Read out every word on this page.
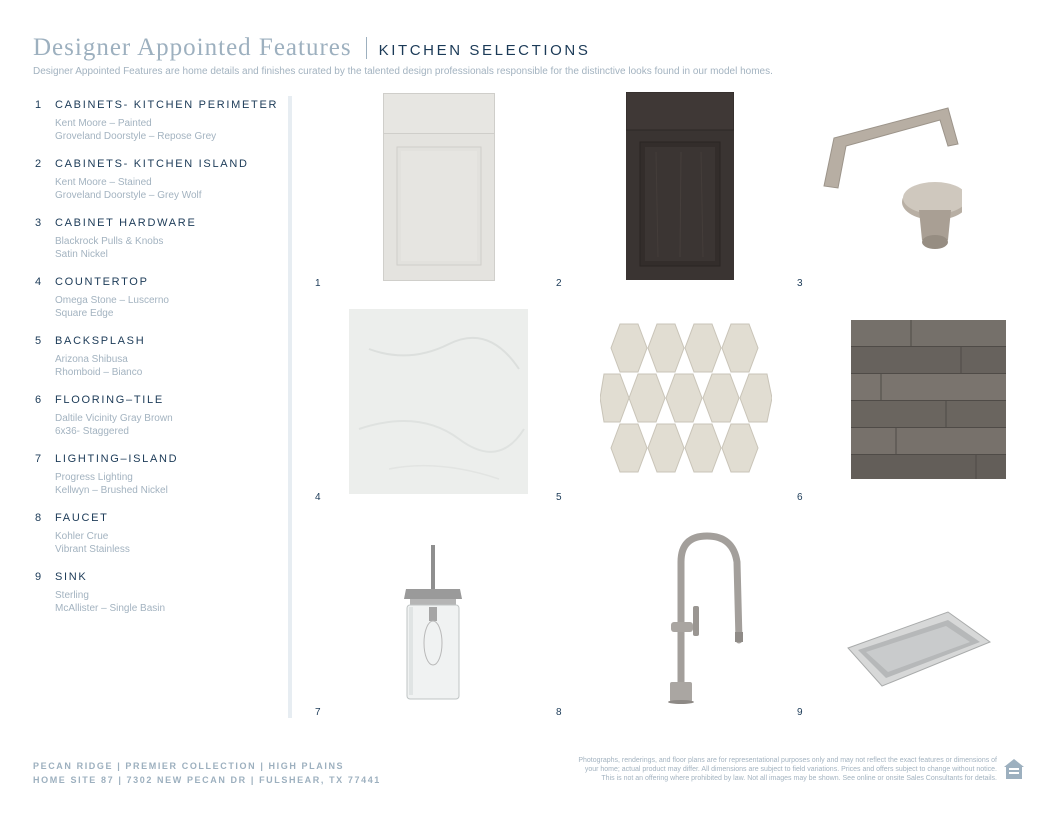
Designer Appointed Features KITCHEN SELECTIONS
Designer Appointed Features are home details and finishes curated by the talented design professionals responsible for the distinctive looks found in our model homes.
1	CABINETS- KITCHEN PERIMETER
Kent Moore – Painted
Groveland Doorstyle – Repose Grey
2	CABINETS- KITCHEN ISLAND
Kent Moore – Stained
Groveland Doorstyle – Grey Wolf
3	CABINET HARDWARE
Blackrock Pulls & Knobs
Satin Nickel
4	COUNTERTOP
Omega Stone – Luscerno
Square Edge
5	BACKSPLASH
Arizona Shibusa
Rhomboid – Bianco
6	FLOORING–TILE
Daltile Vicinity Gray Brown
6x36- Staggered
7	LIGHTING–ISLAND
Progress Lighting
Kellwyn – Brushed Nickel
8	FAUCET
Kohler Crue
Vibrant Stainless
9	SINK
Sterling
McAllister – Single Basin
1	2	3
4	5	6
7	8	9
PECAN RIDGE | PREMIER COLLECTION | HIGH PLAINS
HOME SITE 87 | 7302 NEW PECAN DR | FULSHEAR, TX 77441
Photographs, renderings, and floor plans are for representational purposes only and may not reflect the exact features or dimensions of
your home; actual product may differ. All dimensions are subject to field variations. Prices and offers subject to change without notice.
This is not an offering where prohibited by law. Not all images may be shown. See online or onsite Sales Consultants for details.
